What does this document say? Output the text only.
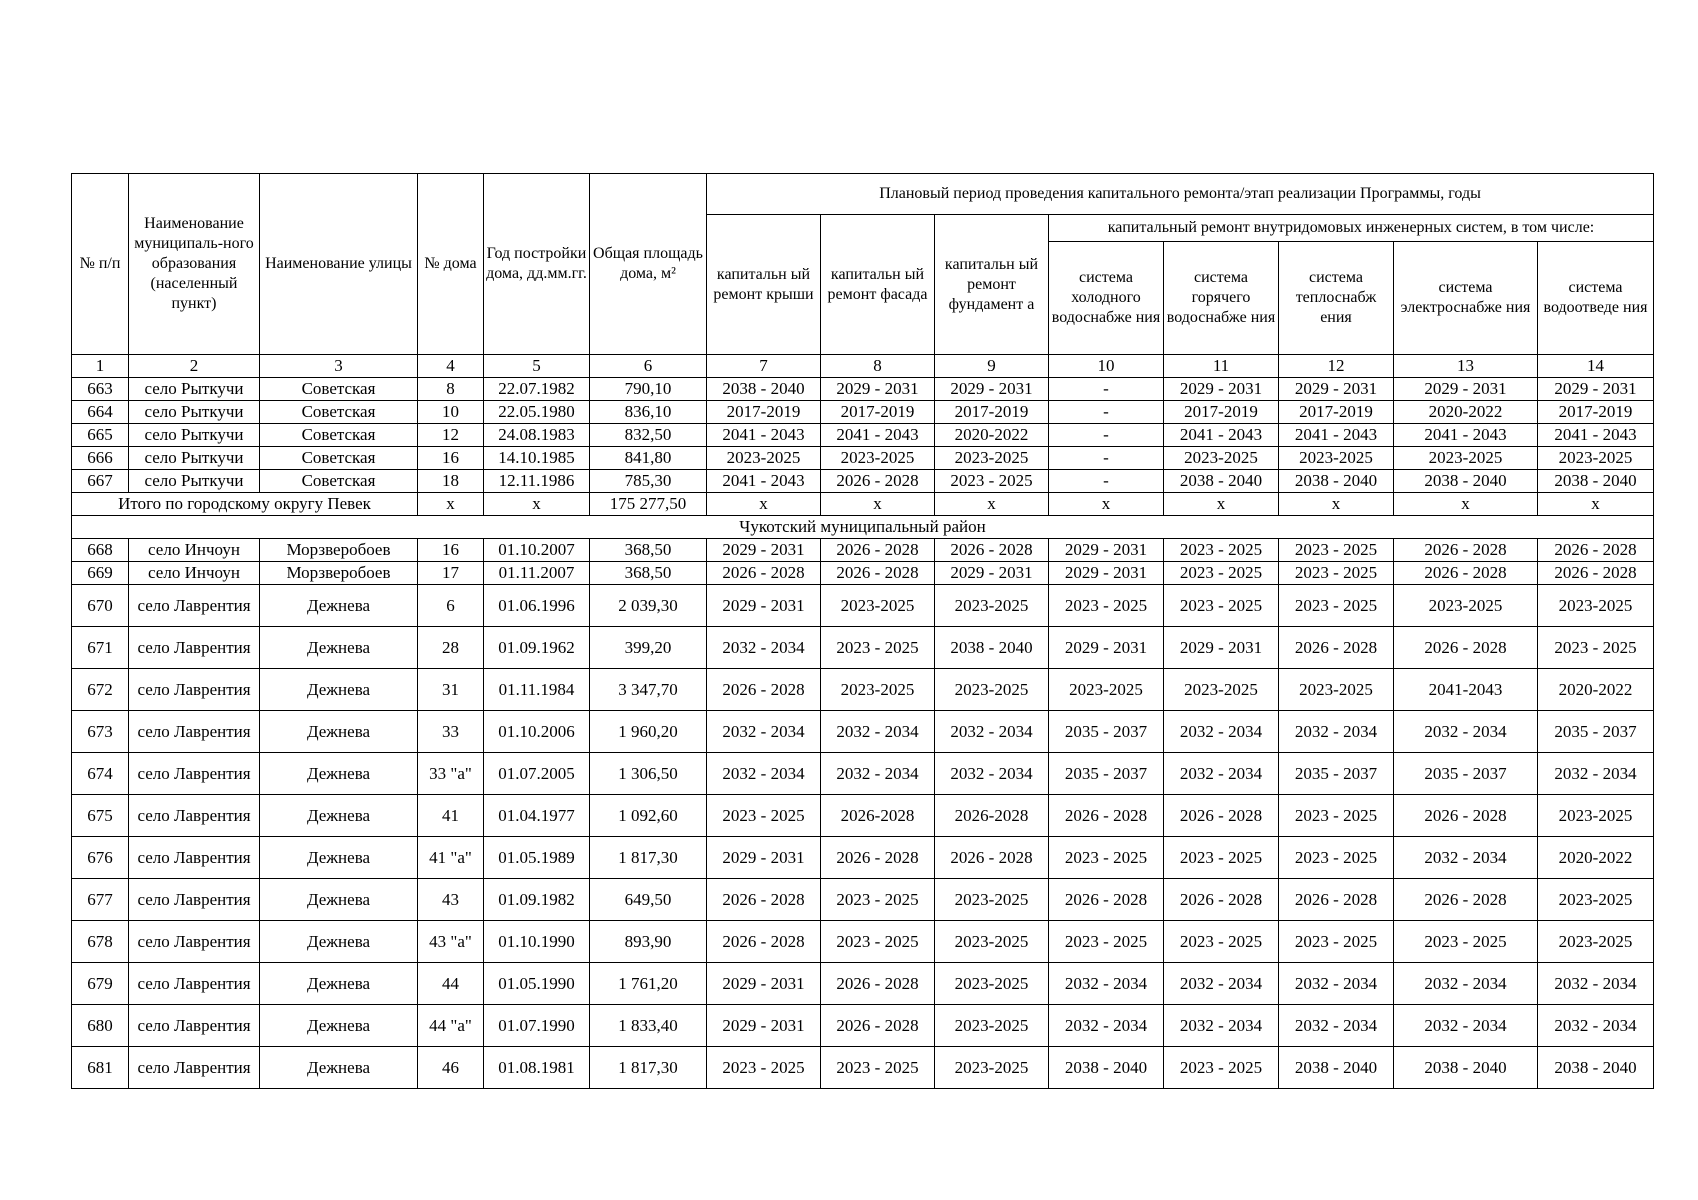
№ п/п	Наименование муниципаль-ного образования (населенный пункт)	Наименование улицы	№ дома	Год постройки дома, дд.мм.гг.	Общая площадь дома, м²	Плановый период проведения капитального ремонта/этап реализации Программы, годы							
						капитальн ый ремонт крыши	капитальн ый ремонт фасада	капитальн ый ремонт фундамент а	капитальный ремонт внутридомовых инженерных систем, в том числе:				
									система холодного водоснабже ния	система горячего водоснабже ния	система теплоснабж ения	система электроснабже ния	система водоотведе ния
1	2	3	4	5	6	7	8	9	10	11	12	13	14
663	село Рыткучи	Советская	8	22.07.1982	790,10	2038 - 2040	2029 - 2031	2029 - 2031	-	2029 - 2031	2029 - 2031	2029 - 2031	2029 - 2031
664	село Рыткучи	Советская	10	22.05.1980	836,10	2017-2019	2017-2019	2017-2019	-	2017-2019	2017-2019	2020-2022	2017-2019
665	село Рыткучи	Советская	12	24.08.1983	832,50	2041 - 2043	2041 - 2043	2020-2022	-	2041 - 2043	2041 - 2043	2041 - 2043	2041 - 2043
666	село Рыткучи	Советская	16	14.10.1985	841,80	2023-2025	2023-2025	2023-2025	-	2023-2025	2023-2025	2023-2025	2023-2025
667	село Рыткучи	Советская	18	12.11.1986	785,30	2041 - 2043	2026 - 2028	2023 - 2025	-	2038 - 2040	2038 - 2040	2038 - 2040	2038 - 2040
Итого по городскому округу Певек			x	x	175 277,50	x	x	x	x	x	x	x	x
Чукотский муниципальный район													
668	село Инчоун	Морзверобоев	16	01.10.2007	368,50	2029 - 2031	2026 - 2028	2026 - 2028	2029 - 2031	2023 - 2025	2023 - 2025	2026 - 2028	2026 - 2028
669	село Инчоун	Морзверобоев	17	01.11.2007	368,50	2026 - 2028	2026 - 2028	2029 - 2031	2029 - 2031	2023 - 2025	2023 - 2025	2026 - 2028	2026 - 2028
670	село Лаврентия	Дежнева	6	01.06.1996	2 039,30	2029 - 2031	2023-2025	2023-2025	2023 - 2025	2023 - 2025	2023 - 2025	2023-2025	2023-2025
671	село Лаврентия	Дежнева	28	01.09.1962	399,20	2032 - 2034	2023 - 2025	2038 - 2040	2029 - 2031	2029 - 2031	2026 - 2028	2026 - 2028	2023 - 2025
672	село Лаврентия	Дежнева	31	01.11.1984	3 347,70	2026 - 2028	2023-2025	2023-2025	2023-2025	2023-2025	2023-2025	2041-2043	2020-2022
673	село Лаврентия	Дежнева	33	01.10.2006	1 960,20	2032 - 2034	2032 - 2034	2032 - 2034	2035 - 2037	2032 - 2034	2032 - 2034	2032 - 2034	2035 - 2037
674	село Лаврентия	Дежнева	33 "а"	01.07.2005	1 306,50	2032 - 2034	2032 - 2034	2032 - 2034	2035 - 2037	2032 - 2034	2035 - 2037	2035 - 2037	2032 - 2034
675	село Лаврентия	Дежнева	41	01.04.1977	1 092,60	2023 - 2025	2026-2028	2026-2028	2026 - 2028	2026 - 2028	2023 - 2025	2026 - 2028	2023-2025
676	село Лаврентия	Дежнева	41 "а"	01.05.1989	1 817,30	2029 - 2031	2026 - 2028	2026 - 2028	2023 - 2025	2023 - 2025	2023 - 2025	2032 - 2034	2020-2022
677	село Лаврентия	Дежнева	43	01.09.1982	649,50	2026 - 2028	2023 - 2025	2023-2025	2026 - 2028	2026 - 2028	2026 - 2028	2026 - 2028	2023-2025
678	село Лаврентия	Дежнева	43 "а"	01.10.1990	893,90	2026 - 2028	2023 - 2025	2023-2025	2023 - 2025	2023 - 2025	2023 - 2025	2023 - 2025	2023-2025
679	село Лаврентия	Дежнева	44	01.05.1990	1 761,20	2029 - 2031	2026 - 2028	2023-2025	2032 - 2034	2032 - 2034	2032 - 2034	2032 - 2034	2032 - 2034
680	село Лаврентия	Дежнева	44 "а"	01.07.1990	1 833,40	2029 - 2031	2026 - 2028	2023-2025	2032 - 2034	2032 - 2034	2032 - 2034	2032 - 2034	2032 - 2034
681	село Лаврентия	Дежнева	46	01.08.1981	1 817,30	2023 - 2025	2023 - 2025	2023-2025	2038 - 2040	2023 - 2025	2038 - 2040	2038 - 2040	2038 - 2040
